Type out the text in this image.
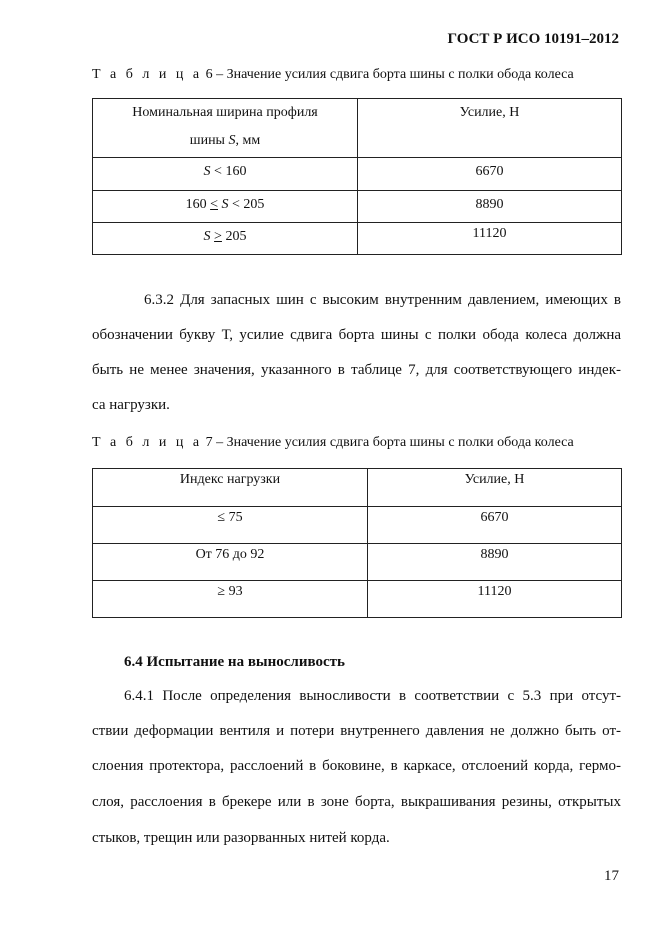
ГОСТ Р ИСО 10191–2012
Т а б л и ц а 6 – Значение усилия сдвига борта шины с полки обода колеса
Номинальная ширина профиля
шины S, мм	Усилие, Н

S < 160	6670

160 < S < 205	8890

S > 205	11120
6.3.2 Для запасных шин с высоким внутренним давлением, имеющих в
обозначении букву Т, усилие сдвига борта шины с полки обода колеса должна
быть не менее значения, указанного в таблице 7, для соответствующего индек-
са нагрузки.
Т а б л и ц а 7 – Значение усилия сдвига борта шины с полки обода колеса
Индекс нагрузки	Усилие, Н
≤ 75	6670
От 76 до 92	8890
≥ 93	11120
6.4 Испытание на выносливость
6.4.1 После определения выносливости в соответствии с 5.3 при отсут-
ствии деформации вентиля и потери внутреннего давления не должно быть от-
слоения протектора, расслоений в боковине, в каркасе, отслоений корда, гермо-
слоя, расслоения в брекере или в зоне борта, выкрашивания резины, открытых
стыков, трещин или разорванных нитей корда.
17
